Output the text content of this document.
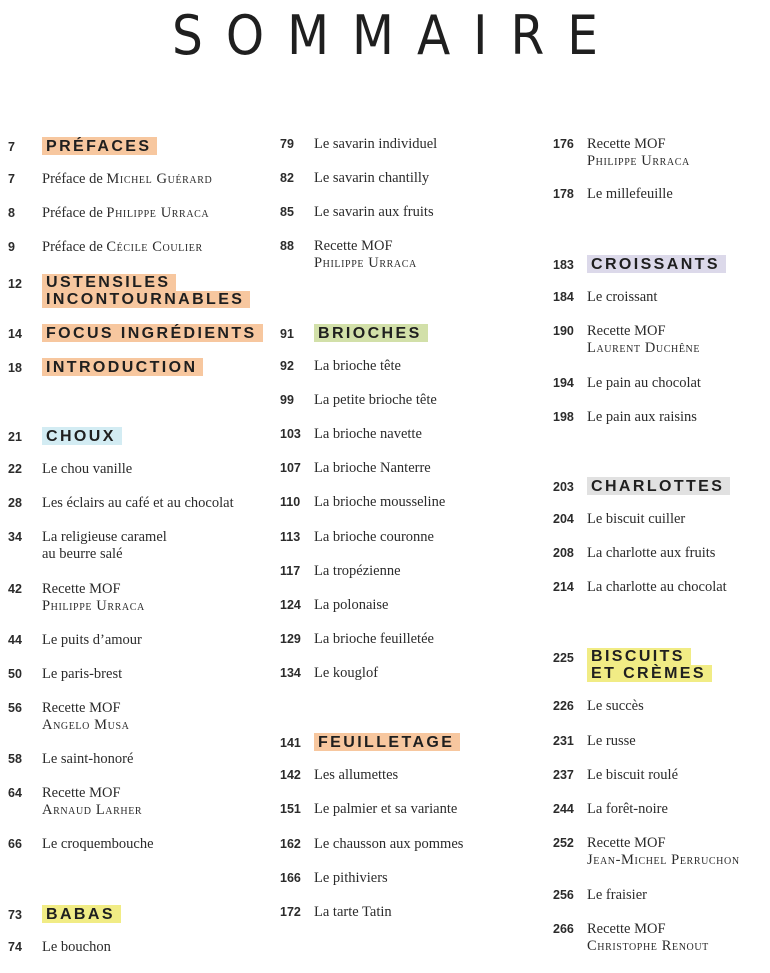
SOMMAIRE
7	PRÉFACES
7	Préface de Michel Guérard
8	Préface de Philippe Urraca
9	Préface de Cécile Coulier
12	USTENSILES
INCONTOURNABLES
14	FOCUS INGRÉDIENTS
18	INTRODUCTION
21	CHOUX
22	Le chou vanille
28	Les éclairs au café et au chocolat
34	La religieuse caramel
au beurre salé
42	Recette MOF
Philippe Urraca
44	Le puits d’amour
50	Le paris-brest
56	Recette MOF
Angelo Musa
58	Le saint-honoré
64	Recette MOF
Arnaud Larher
66	Le croquembouche
73	BABAS
74	Le bouchon
79	Le savarin individuel
82	Le savarin chantilly
85	Le savarin aux fruits
88	Recette MOF
Philippe Urraca
91	BRIOCHES
92	La brioche tête
99	La petite brioche tête
103 La brioche navette
107 La brioche Nanterre
110 La brioche mousseline
113 La brioche couronne
117 La tropézienne
124 La polonaise
129 La brioche feuilletée
134 Le kouglof
141	FEUILLETAGE
142 Les allumettes
151 Le palmier et sa variante
162 Le chausson aux pommes
166 Le pithiviers
172 La tarte Tatin
176 Recette MOF
Philippe Urraca
178 Le millefeuille
183	CROISSANTS
184 Le croissant
190 Recette MOF
Laurent Duchêne
194 Le pain au chocolat
198 Le pain aux raisins
203	CHARLOTTES
204 Le biscuit cuiller
208 La charlotte aux fruits
214 La charlotte au chocolat
225	BISCUITS
ET CRÈMES
226 Le succès
231 Le russe
237 Le biscuit roulé
244 La forêt-noire
252 Recette MOF
Jean-Michel Perruchon
256 Le fraisier
266 Recette MOF
Christophe Renout
